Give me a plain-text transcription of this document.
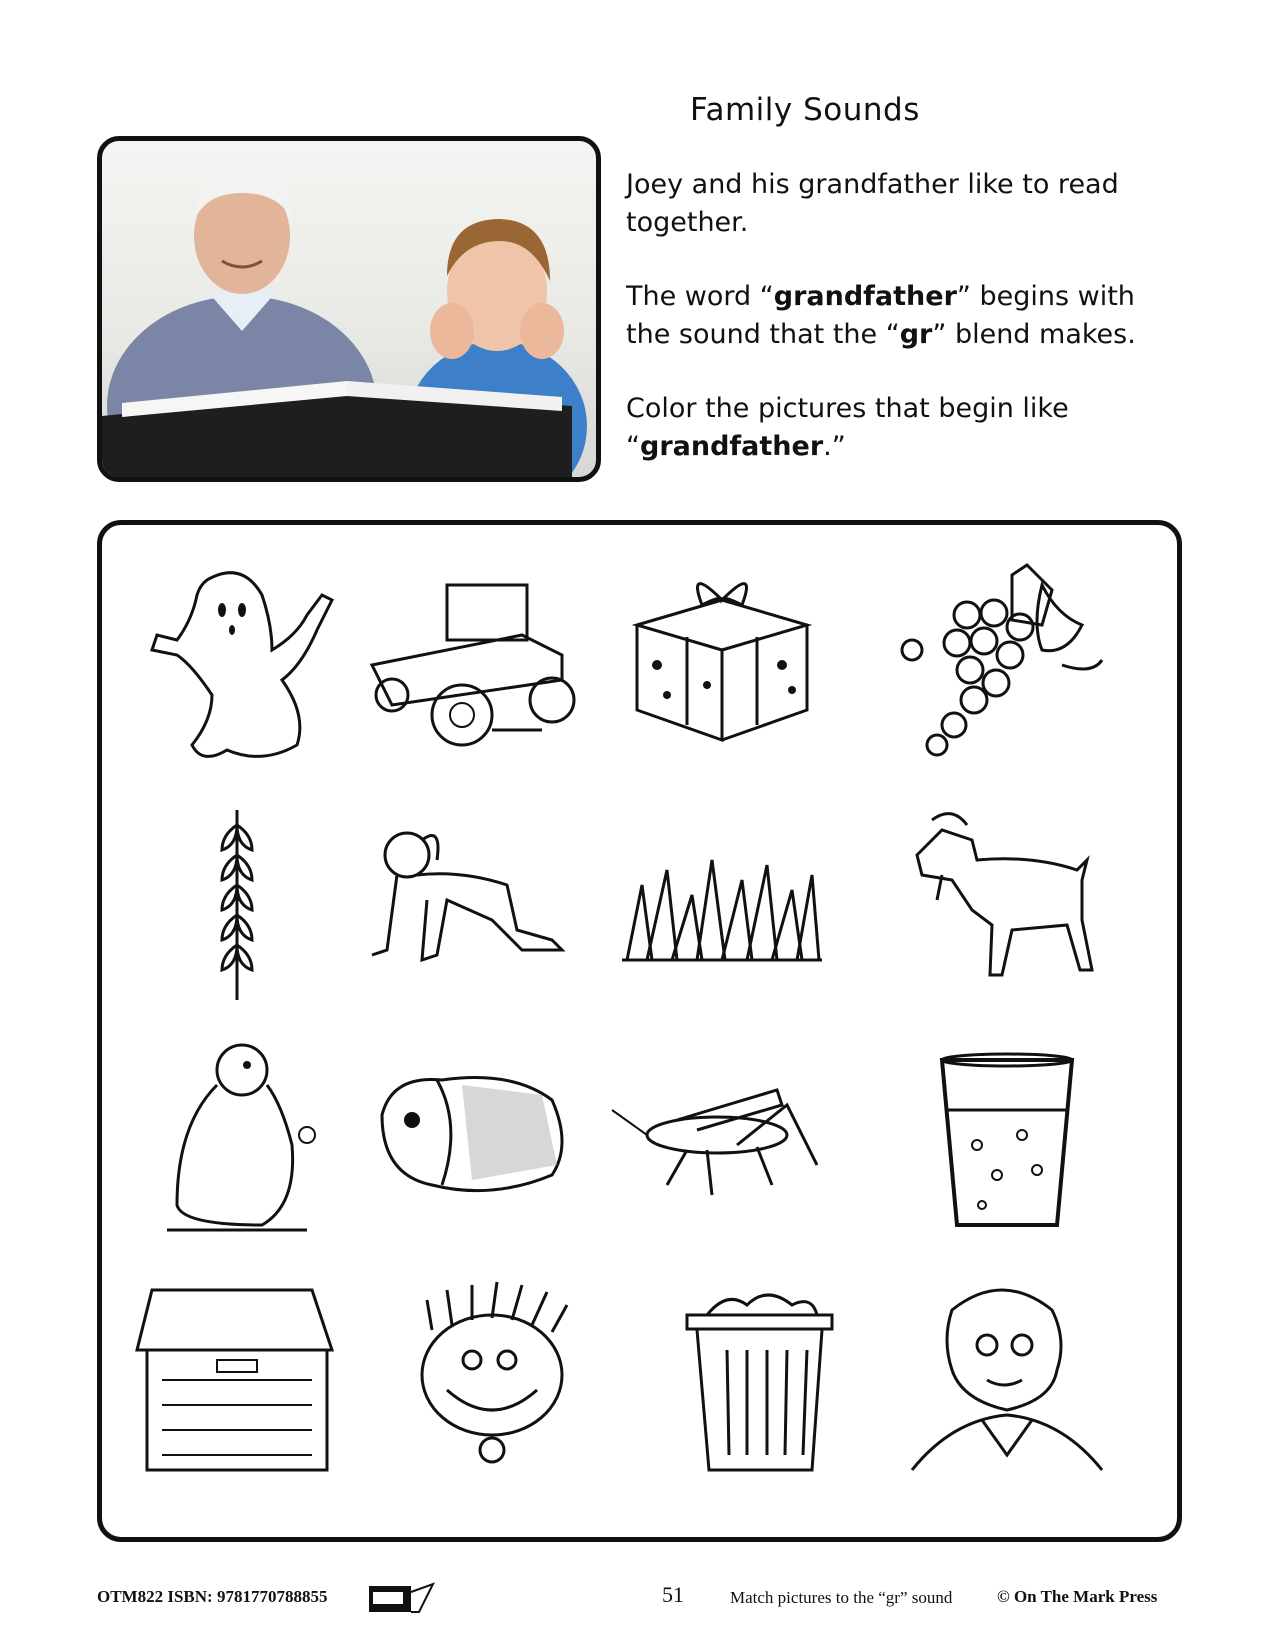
Family Sounds

Joey and his grandfather like to read together.

The word “grandfather” begins with the sound that the “gr” blend makes.

Color the pictures that begin like “grandfather.”

OTM822 ISBN: 9781770788855	51	Match pictures to the “gr” sound	© On The Mark Press
